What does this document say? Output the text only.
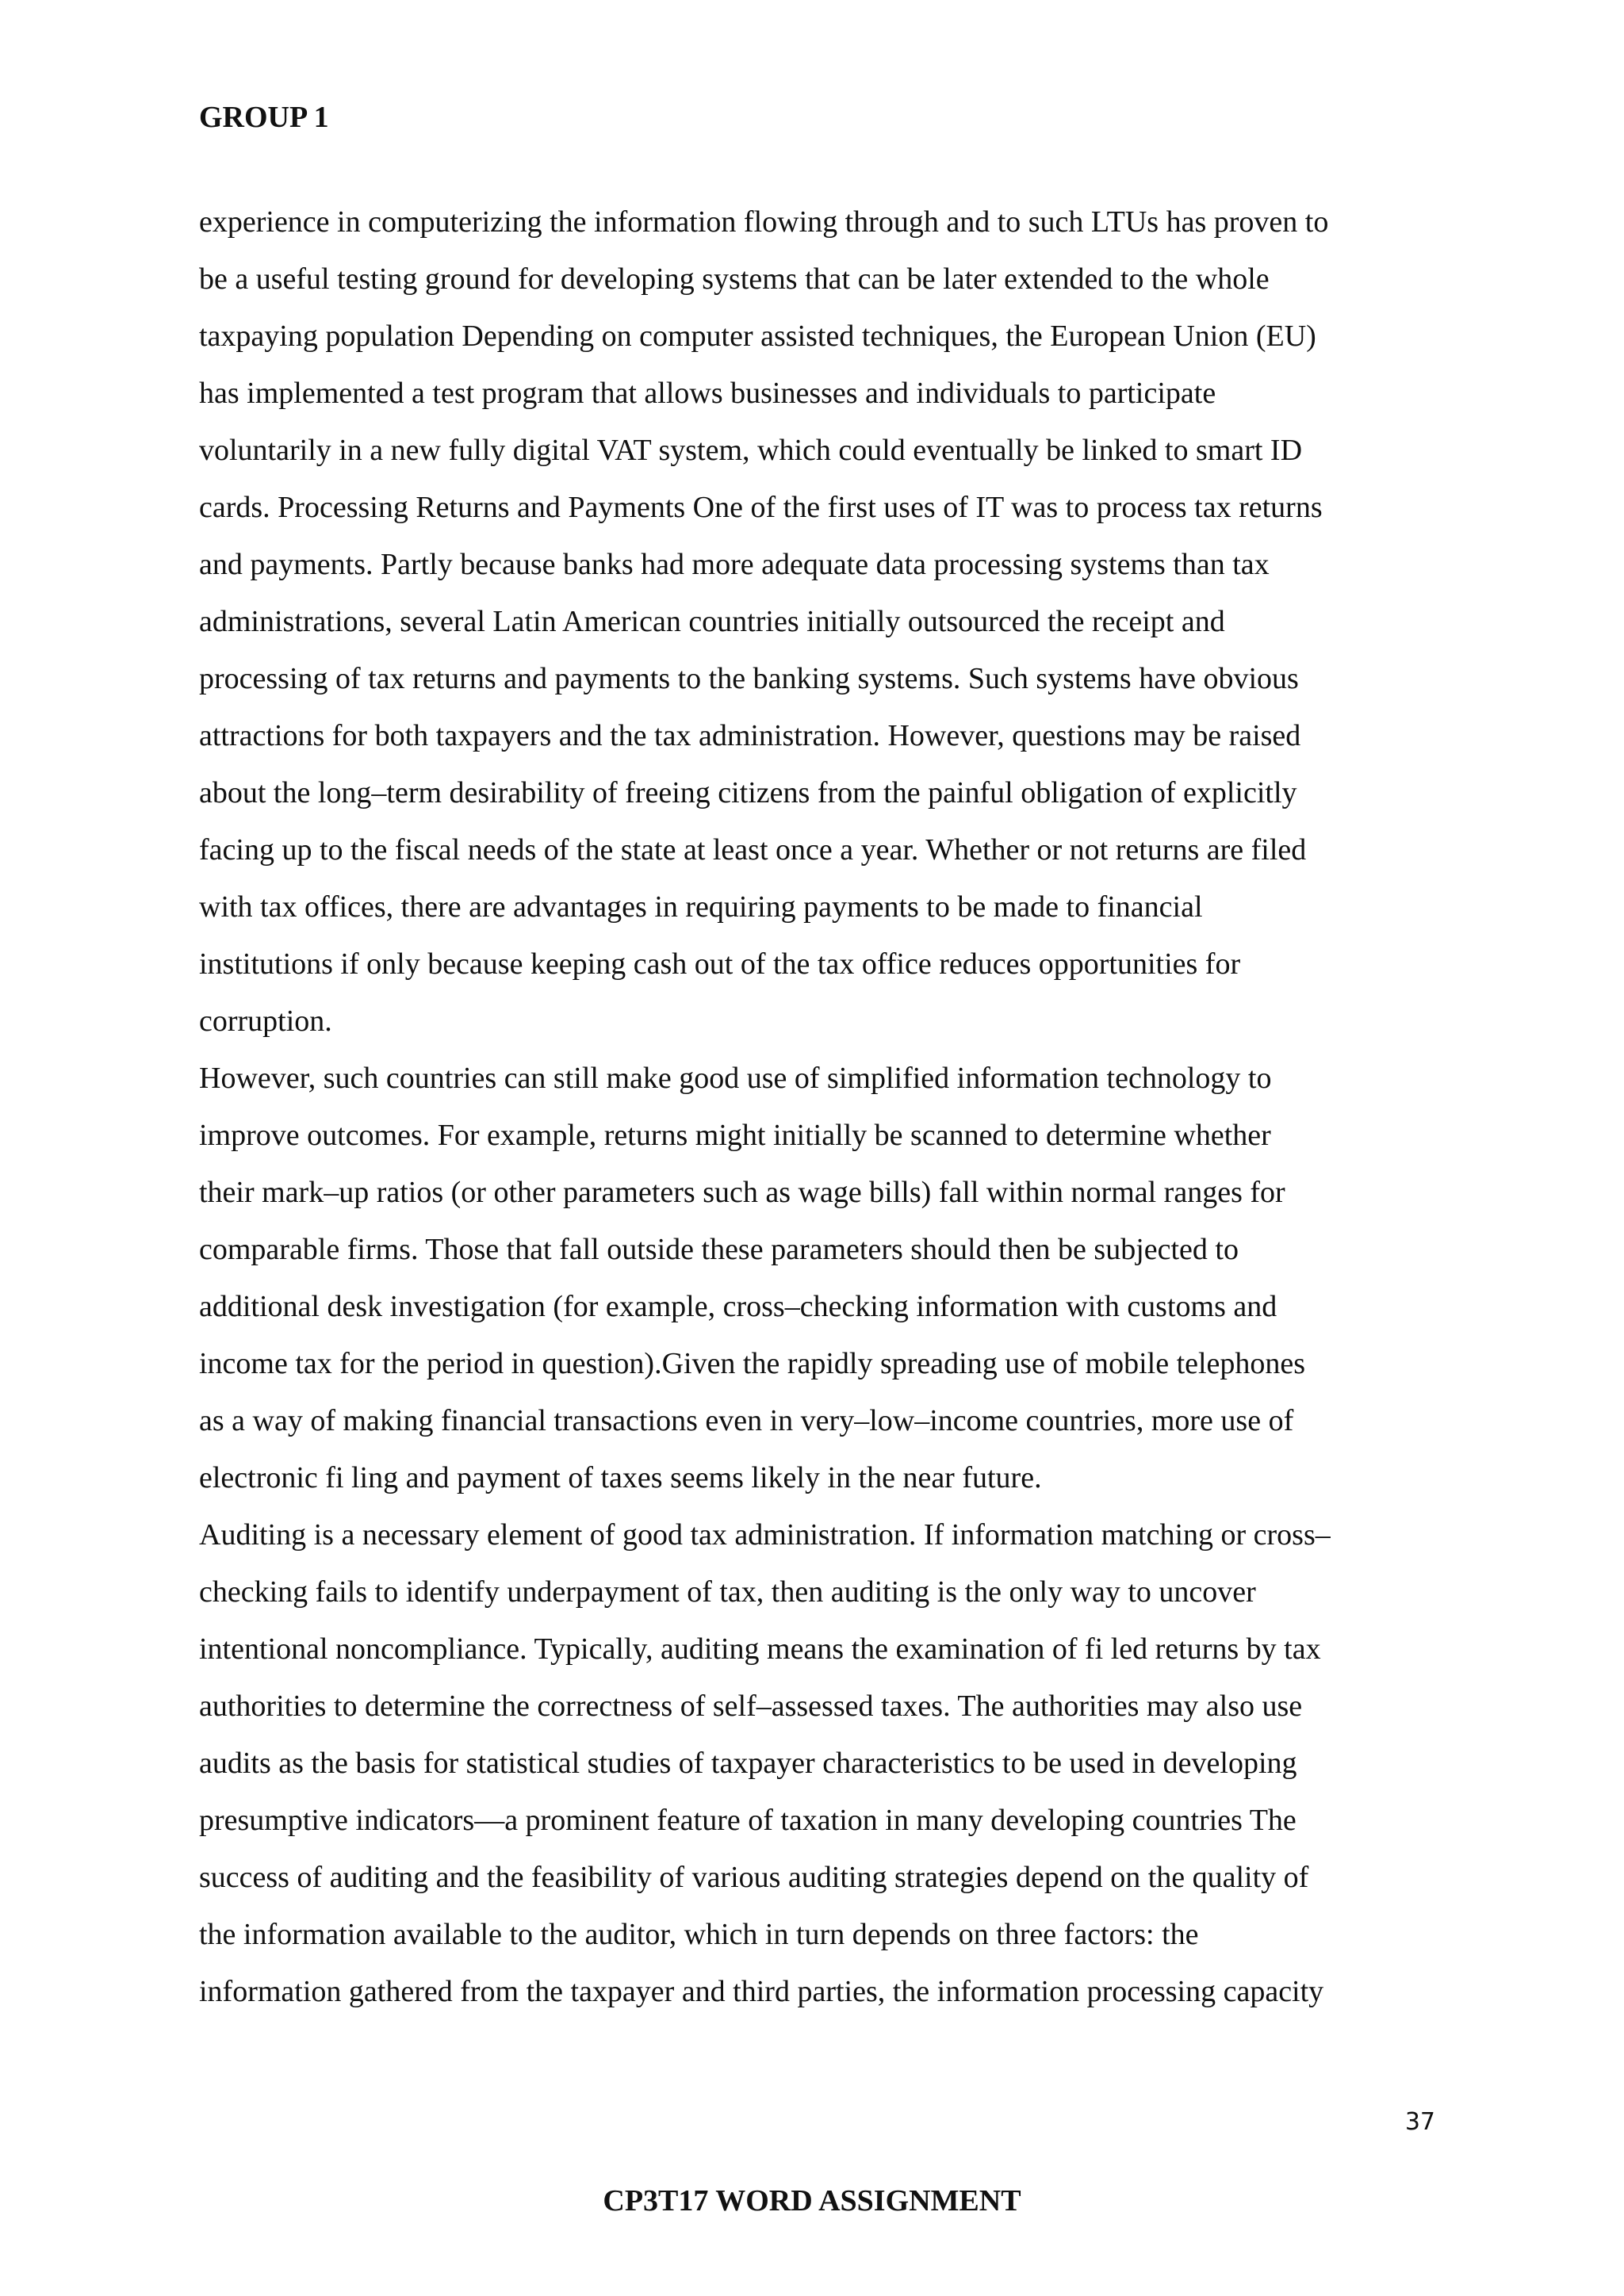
GROUP 1
experience in computerizing the information flowing through and to such LTUs has proven to
be a useful testing ground for developing systems that can be later extended to the whole
taxpaying population Depending on computer assisted techniques, the European Union (EU)
has implemented a test program that allows businesses and individuals to participate
voluntarily in a new fully digital VAT system, which could eventually be linked to smart ID
cards. Processing Returns and Payments One of the first uses of IT was to process tax returns
and payments. Partly because banks had more adequate data processing systems than tax
administrations, several Latin American countries initially outsourced the receipt and
processing of tax returns and payments to the banking systems. Such systems have obvious
attractions for both taxpayers and the tax administration. However, questions may be raised
about the long–term desirability of freeing citizens from the painful obligation of explicitly
facing up to the fiscal needs of the state at least once a year. Whether or not returns are filed
with tax offices, there are advantages in requiring payments to be made to financial
institutions if only because keeping cash out of the tax office reduces opportunities for
corruption.
However, such countries can still make good use of simplified information technology to
improve outcomes. For example, returns might initially be scanned to determine whether
their mark–up ratios (or other parameters such as wage bills) fall within normal ranges for
comparable firms. Those that fall outside these parameters should then be subjected to
additional desk investigation (for example, cross–checking information with customs and
income tax for the period in question).Given the rapidly spreading use of mobile telephones
as a way of making financial transactions even in very–low–income countries, more use of
electronic fi ling and payment of taxes seems likely in the near future.
Auditing is a necessary element of good tax administration. If information matching or cross–
checking fails to identify underpayment of tax, then auditing is the only way to uncover
intentional noncompliance. Typically, auditing means the examination of fi led returns by tax
authorities to determine the correctness of self–assessed taxes. The authorities may also use
audits as the basis for statistical studies of taxpayer characteristics to be used in developing
presumptive indicators—a prominent feature of taxation in many developing countries The
success of auditing and the feasibility of various auditing strategies depend on the quality of
the information available to the auditor, which in turn depends on three factors: the
information gathered from the taxpayer and third parties, the information processing capacity
37
CP3T17 WORD ASSIGNMENT
